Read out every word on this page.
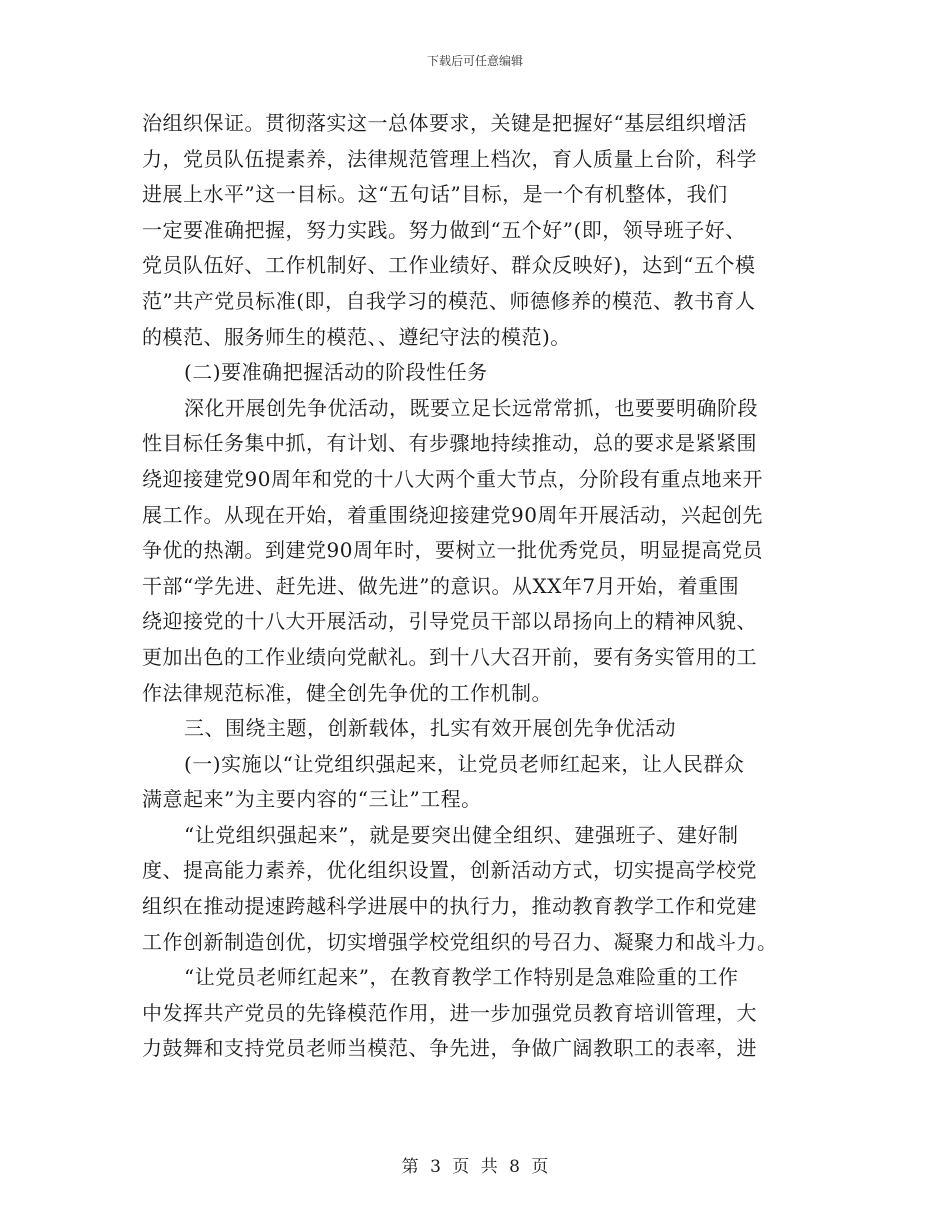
下载后可任意编辑
治组织保证。贯彻落实这一总体要求，关键是把握好“基层组织增活
力，党员队伍提素养，法律规范管理上档次，育人质量上台阶，科学
进展上水平”这一目标。这“五句话”目标，是一个有机整体，我们
一定要准确把握，努力实践。努力做到“五个好”(即，领导班子好、
党员队伍好、工作机制好、工作业绩好、群众反映好)，达到“五个模
范”共产党员标准(即，自我学习的模范、师德修养的模范、教书育人
的模范、服务师生的模范、、遵纪守法的模范)。
(二)要准确把握活动的阶段性任务
深化开展创先争优活动，既要立足长远常常抓，也要要明确阶段
性目标任务集中抓，有计划、有步骤地持续推动，总的要求是紧紧围
绕迎接建党90周年和党的十八大两个重大节点，分阶段有重点地来开
展工作。从现在开始，着重围绕迎接建党90周年开展活动，兴起创先
争优的热潮。到建党90周年时，要树立一批优秀党员，明显提高党员
干部“学先进、赶先进、做先进”的意识。从XX年7月开始，着重围
绕迎接党的十八大开展活动，引导党员干部以昂扬向上的精神风貌、
更加出色的工作业绩向党献礼。到十八大召开前，要有务实管用的工
作法律规范标准，健全创先争优的工作机制。
三、围绕主题，创新载体，扎实有效开展创先争优活动
(一)实施以“让党组织强起来，让党员老师红起来，让人民群众
满意起来”为主要内容的“三让”工程。
“让党组织强起来”，就是要突出健全组织、建强班子、建好制
度、提高能力素养，优化组织设置，创新活动方式，切实提高学校党
组织在推动提速跨越科学进展中的执行力，推动教育教学工作和党建
工作创新制造创优，切实增强学校党组织的号召力、凝聚力和战斗力。
“让党员老师红起来”，在教育教学工作特别是急难险重的工作
中发挥共产党员的先锋模范作用，进一步加强党员教育培训管理，大
力鼓舞和支持党员老师当模范、争先进，争做广阔教职工的表率，进
第 3 页 共 8 页
